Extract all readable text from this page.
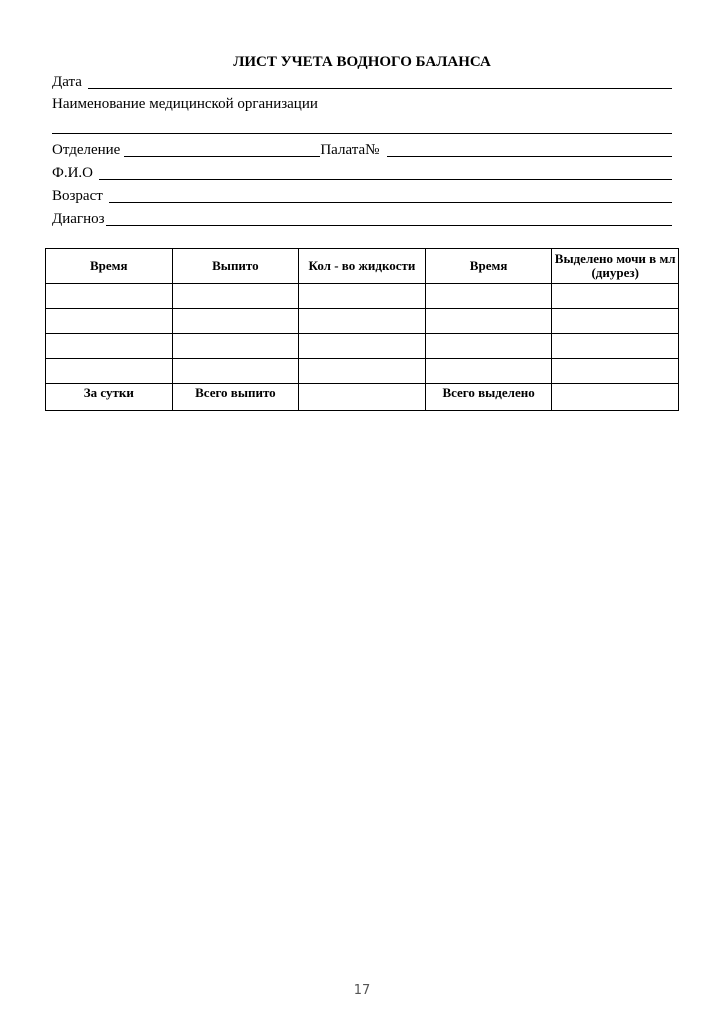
ЛИСТ УЧЕТА ВОДНОГО БАЛАНСА
Дата
Наименование медицинской организации
Отделение	Палата№
Ф.И.О
Возраст
Диагноз
Время	Выпито	Кол - во жидкости	Время	Выделено мочи в мл (диурез)

За сутки	Всего выпито		Всего выделено	
17
